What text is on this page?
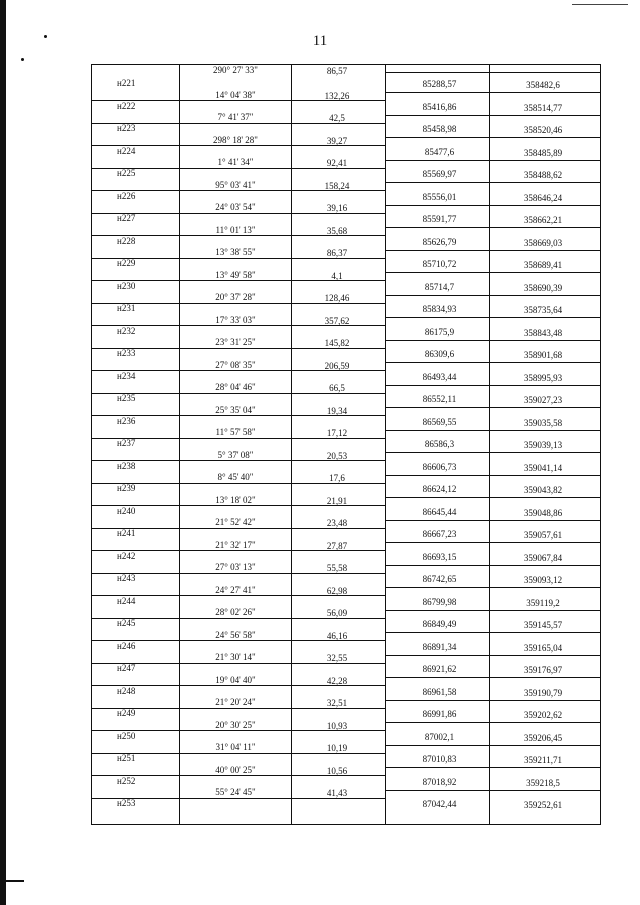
11
н221
290° 27' 33"	86,57
85288,57	358482,6
н222
14° 04' 38"	132,26
85416,86	358514,77
н223
7° 41' 37"	42,5
85458,98	358520,46
н224
298° 18' 28"	39,27
85477,6	358485,89
н225
1° 41' 34"	92,41
85569,97	358488,62
н226
95° 03' 41"	158,24
85556,01	358646,24
н227
24° 03' 54"	39,16
85591,77	358662,21
н228
11° 01' 13"	35,68
85626,79	358669,03
н229
13° 38' 55"	86,37
85710,72	358689,41
н230
13° 49' 58"	4,1
85714,7	358690,39
н231
20° 37' 28"	128,46
85834,93	358735,64
н232
17° 33' 03"	357,62
86175,9	358843,48
н233
23° 31' 25"	145,82
86309,6	358901,68
н234
27° 08' 35"	206,59
86493,44	358995,93
н235
28° 04' 46"	66,5
86552,11	359027,23
н236
25° 35' 04"	19,34
86569,55	359035,58
н237
11° 57' 58"	17,12
86586,3	359039,13
н238
5° 37' 08"	20,53
86606,73	359041,14
н239
8° 45' 40"	17,6
86624,12	359043,82
н240
13° 18' 02"	21,91
86645,44	359048,86
н241
21° 52' 42"	23,48
86667,23	359057,61
н242
21° 32' 17"	27,87
86693,15	359067,84
н243
27° 03' 13"	55,58
86742,65	359093,12
н244
24° 27' 41"	62,98
86799,98	359119,2
н245
28° 02' 26"	56,09
86849,49	359145,57
н246
24° 56' 58"	46,16
86891,34	359165,04
н247
21° 30' 14"	32,55
86921,62	359176,97
н248
19° 04' 40"	42,28
86961,58	359190,79
н249
21° 20' 24"	32,51
86991,86	359202,62
н250
20° 30' 25"	10,93
87002,1	359206,45
н251
31° 04' 11"	10,19
87010,83	359211,71
н252
40° 00' 25"	10,56
87018,92	359218,5
н253
55° 24' 45"	41,43
87042,44	359252,61
